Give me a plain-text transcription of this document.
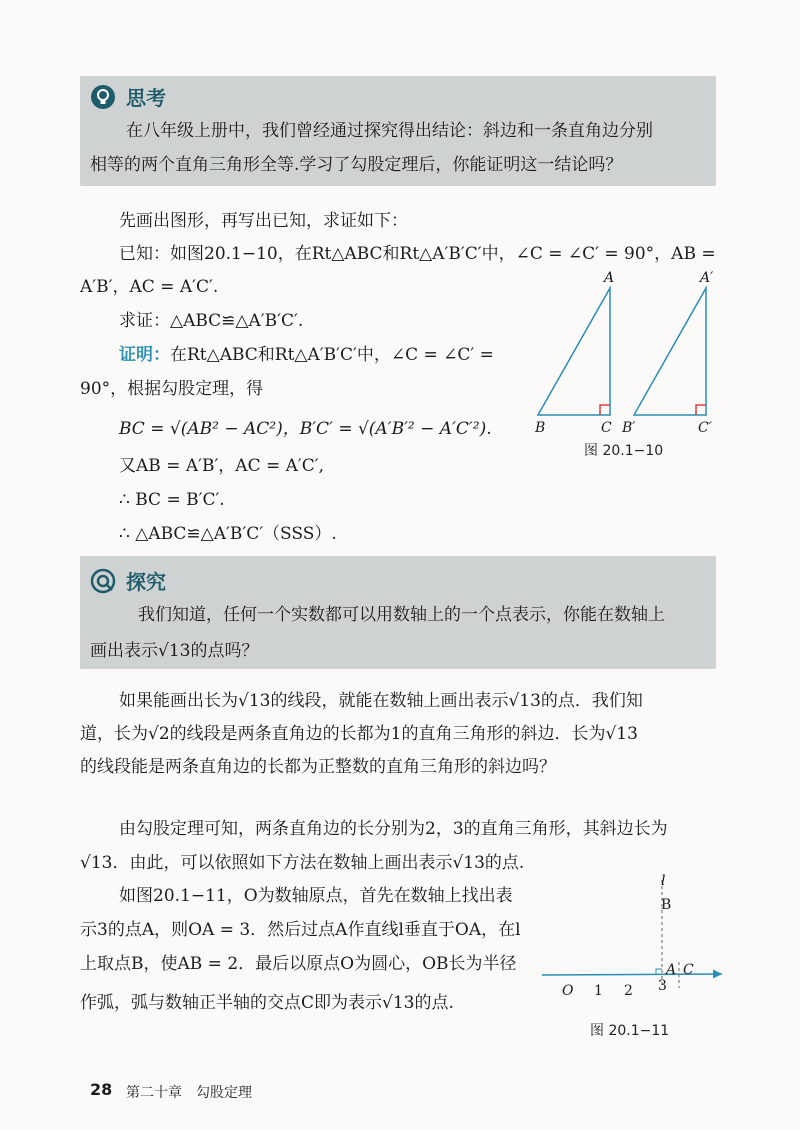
思考
在八年级上册中，我们曾经通过探究得出结论：斜边和一条直角边分别
相等的两个直角三角形全等.学习了勾股定理后，你能证明这一结论吗？
先画出图形，再写出已知，求证如下：
已知：如图20.1−10，在Rt△ABC和Rt△A′B′C′中，∠C = ∠C′ = 90°，AB =
A′B′，AC = A′C′.
求证：△ABC≌△A′B′C′.
证明：在Rt△ABC和Rt△A′B′C′中，∠C = ∠C′ =
90°，根据勾股定理，得
BC = √(AB² − AC²)，B′C′ = √(A′B′² − A′C′²).
又AB = A′B′，AC = A′C′,
∴ BC = B′C′.
∴ △ABC≌△A′B′C′（SSS）.
A	A′
B	C B′	C′
图 20.1−10
探究
我们知道，任何一个实数都可以用数轴上的一个点表示，你能在数轴上
画出表示√13的点吗？
如果能画出长为√13的线段，就能在数轴上画出表示√13的点．我们知
道，长为√2的线段是两条直角边的长都为1的直角三角形的斜边．长为√13
的线段能是两条直角边的长都为正整数的直角三角形的斜边吗？
由勾股定理可知，两条直角边的长分别为2，3的直角三角形，其斜边长为
√13．由此，可以依照如下方法在数轴上画出表示√13的点.
如图20.1−11，O为数轴原点，首先在数轴上找出表
示3的点A，则OA = 3．然后过点A作直线l垂直于OA，在l
上取点B，使AB = 2．最后以原点O为圆心，OB长为半径
作弧，弧与数轴正半轴的交点C即为表示√13的点.
l
B
O 1 2 3
A C
图 20.1−11
28 第二十章　勾股定理
